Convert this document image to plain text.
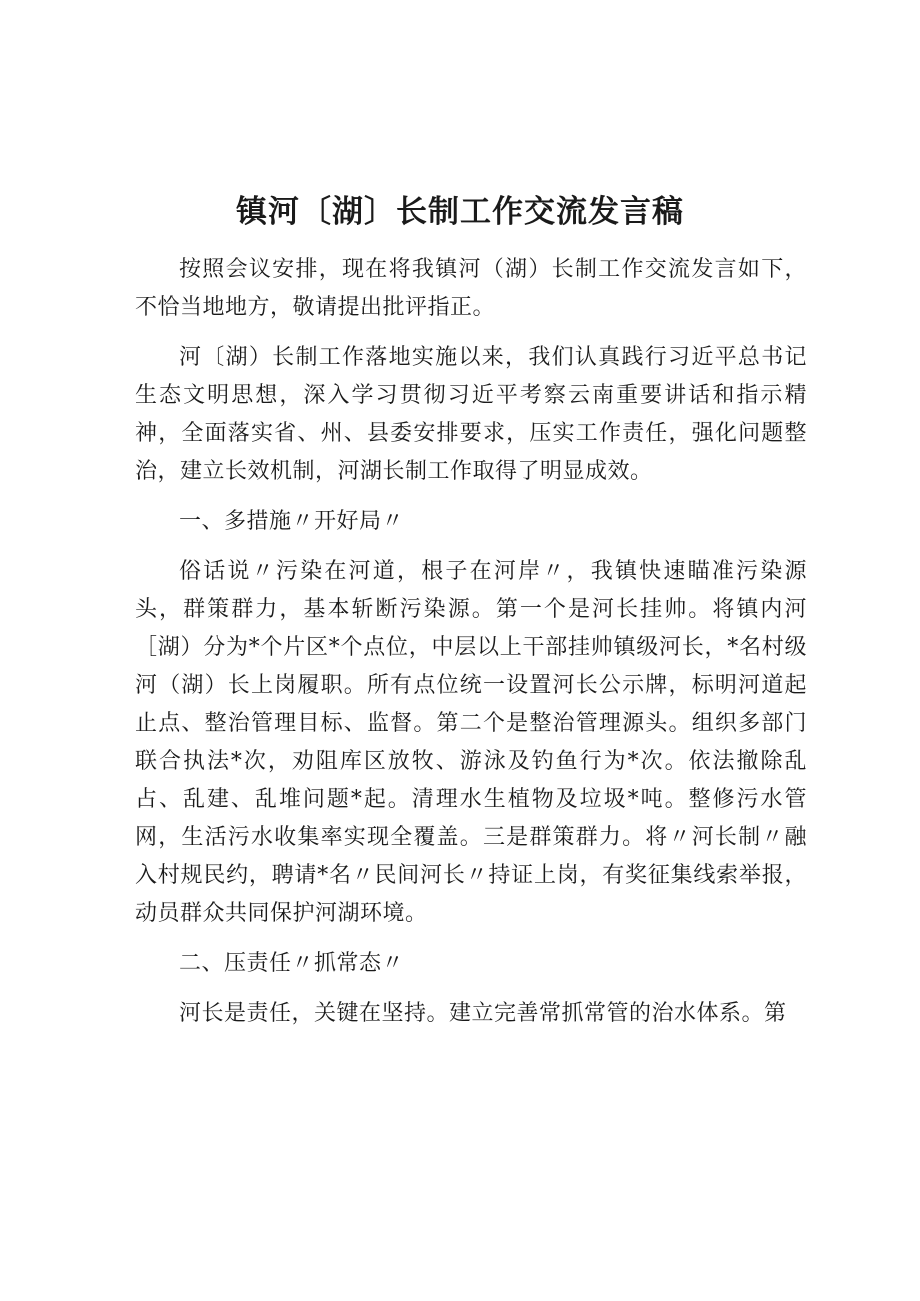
镇河〔湖〕长制工作交流发言稿

按照会议安排，现在将我镇河（湖）长制工作交流发言如下，不恰当地地方，敬请提出批评指正。

河〔湖）长制工作落地实施以来，我们认真践行习近平总书记生态文明思想，深入学习贯彻习近平考察云南重要讲话和指示精神，全面落实省、州、县委安排要求，压实工作责任，强化问题整治，建立长效机制，河湖长制工作取得了明显成效。

一、多措施〃开好局〃

俗话说〃污染在河道，根子在河岸〃，我镇快速瞄准污染源头，群策群力，基本斩断污染源。第一个是河长挂帅。将镇内河［湖）分为*个片区*个点位，中层以上干部挂帅镇级河长，*名村级河（湖）长上岗履职。所有点位统一设置河长公示牌，标明河道起止点、整治管理目标、监督。第二个是整治管理源头。组织多部门联合执法*次，劝阻库区放牧、游泳及钓鱼行为*次。依法撤除乱占、乱建、乱堆问题*起。清理水生植物及垃圾*吨。整修污水管网，生活污水收集率实现全覆盖。三是群策群力。将〃河长制〃融入村规民约，聘请*名〃民间河长〃持证上岗，有奖征集线索举报，动员群众共同保护河湖环境。

二、压责任〃抓常态〃

河长是责任，关键在坚持。建立完善常抓常管的治水体系。第
